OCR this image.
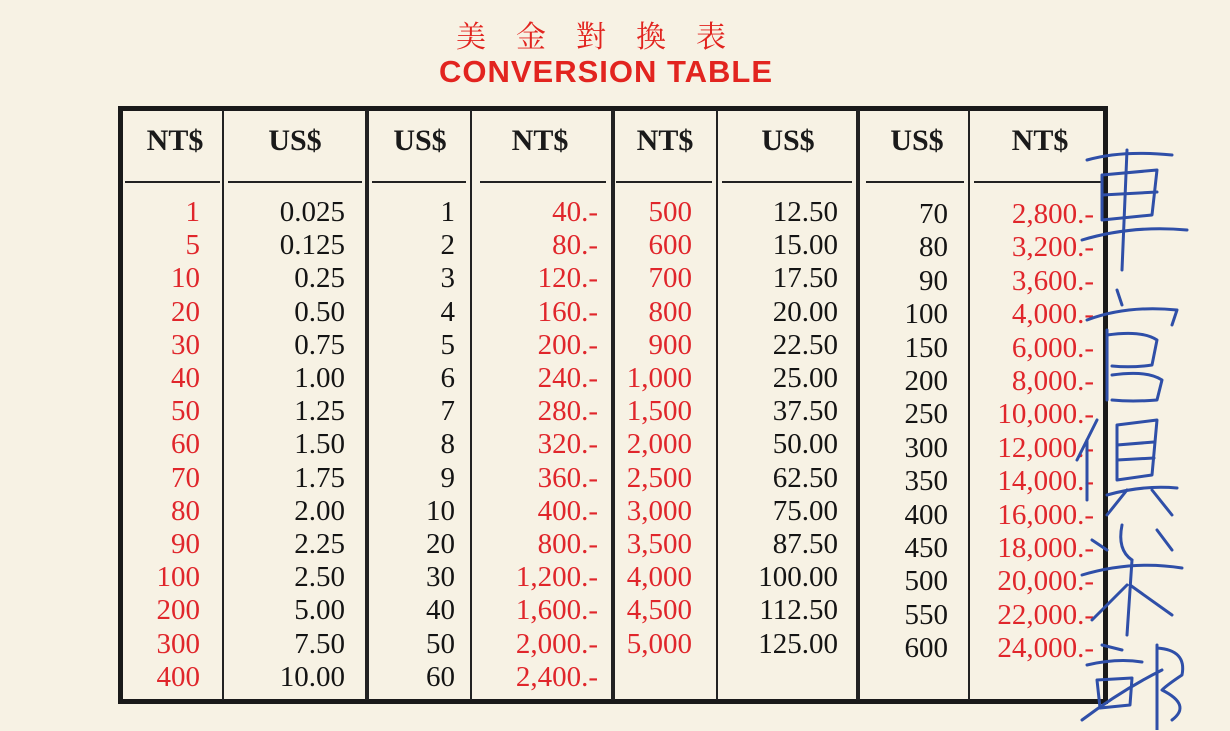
美金對換表
CONVERSION TABLE
NT$	US$
1	0.025
5	0.125
10	0.25
20	0.50
30	0.75
40	1.00
50	1.25
60	1.50
70	1.75
80	2.00
90	2.25
100	2.50
200	5.00
300	7.50
400	10.00
US$	NT$
1	40.-
2	80.-
3	120.-
4	160.-
5	200.-
6	240.-
7	280.-
8	320.-
9	360.-
10	400.-
20	800.-
30	1,200.-
40	1,600.-
50	2,000.-
60	2,400.-
NT$	US$
500	12.50
600	15.00
700	17.50
800	20.00
900	22.50
1,000	25.00
1,500	37.50
2,000	50.00
2,500	62.50
3,000	75.00
3,500	87.50
4,000	100.00
4,500	112.50
5,000	125.00
US$	NT$
70	2,800.-
80	3,200.-
90	3,600.-
100	4,000.-
150	6,000.-
200	8,000.-
250	10,000.-
300	12,000.-
350	14,000.-
400	16,000.-
450	18,000.-
500	20,000.-
550	22,000.-
600	24,000.-
